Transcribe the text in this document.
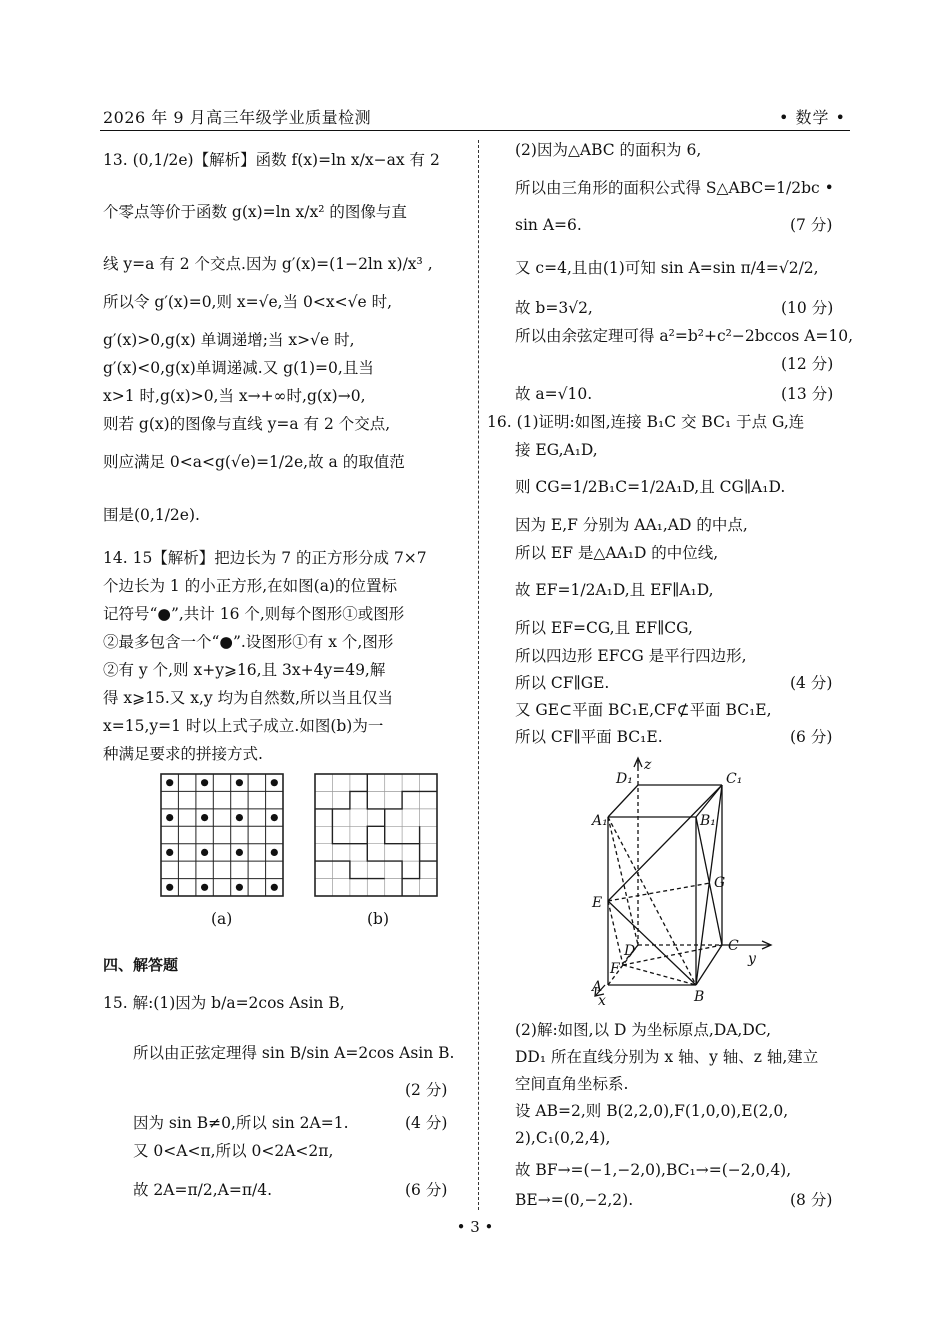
2026 年 9 月高三年级学业质量检测	• 数学 •
13. (0,1/2e)【解析】函数 f(x)=ln x/x−ax 有 2
个零点等价于函数 g(x)=ln x/x² 的图像与直
线 y=a 有 2 个交点.因为 g′(x)=(1−2ln x)/x³ ,
所以令 g′(x)=0,则 x=√e,当 0<x<√e 时,
g′(x)>0,g(x) 单调递增;当 x>√e 时,
g′(x)<0,g(x)单调递减.又 g(1)=0,且当
x>1 时,g(x)>0,当 x→+∞时,g(x)→0,
则若 g(x)的图像与直线 y=a 有 2 个交点,
则应满足 0<a<g(√e)=1/2e,故 a 的取值范
围是(0,1/2e).
14. 15【解析】把边长为 7 的正方形分成 7×7
个边长为 1 的小正方形,在如图(a)的位置标
记符号“●”,共计 16 个,则每个图形①或图形
②最多包含一个“●”.设图形①有 x 个,图形
②有 y 个,则 x+y⩾16,且 3x+4y=49,解
得 x⩾15.又 x,y 均为自然数,所以当且仅当
x=15,y=1 时以上式子成立.如图(b)为一
种满足要求的拼接方式.
(a)	(b)
四、解答题
15. 解:(1)因为 b/a=2cos Asin B,
所以由正弦定理得 sin B/sin A=2cos Asin B.
(2 分)
因为 sin B≠0,所以 sin 2A=1.	(4 分)
又 0<A<π,所以 0<2A<2π,
故 2A=π/2,A=π/4.	(6 分)
(2)因为△ABC 的面积为 6,
所以由三角形的面积公式得 S△ABC=1/2bc •
sin A=6.	(7 分)
又 c=4,且由(1)可知 sin A=sin π/4=√2/2,
故 b=3√2,	(10 分)
所以由余弦定理可得 a²=b²+c²−2bccos A=10,
(12 分)
故 a=√10.	(13 分)
16. (1)证明:如图,连接 B₁C 交 BC₁ 于点 G,连
接 EG,A₁D,
则 CG=1/2B₁C=1/2A₁D,且 CG∥A₁D.
因为 E,F 分别为 AA₁,AD 的中点,
所以 EF 是△AA₁D 的中位线,
故 EF=1/2A₁D,且 EF∥A₁D,
所以 EF=CG,且 EF∥CG,
所以四边形 EFCG 是平行四边形,
所以 CF∥GE.	(4 分)
又 GE⊂平面 BC₁E,CF⊄平面 BC₁E,
所以 CF∥平面 BC₁E.	(6 分)
D₁
z
C₁
A₁	B₁
G
E
C
y
D
F
A
x	B
(2)解:如图,以 D 为坐标原点,DA,DC,
DD₁ 所在直线分别为 x 轴、y 轴、z 轴,建立
空间直角坐标系.
设 AB=2,则 B(2,2,0),F(1,0,0),E(2,0,
2),C₁(0,2,4),
故 BF→=(−1,−2,0),BC₁→=(−2,0,4),
BE→=(0,−2,2).	(8 分)
• 3 •
